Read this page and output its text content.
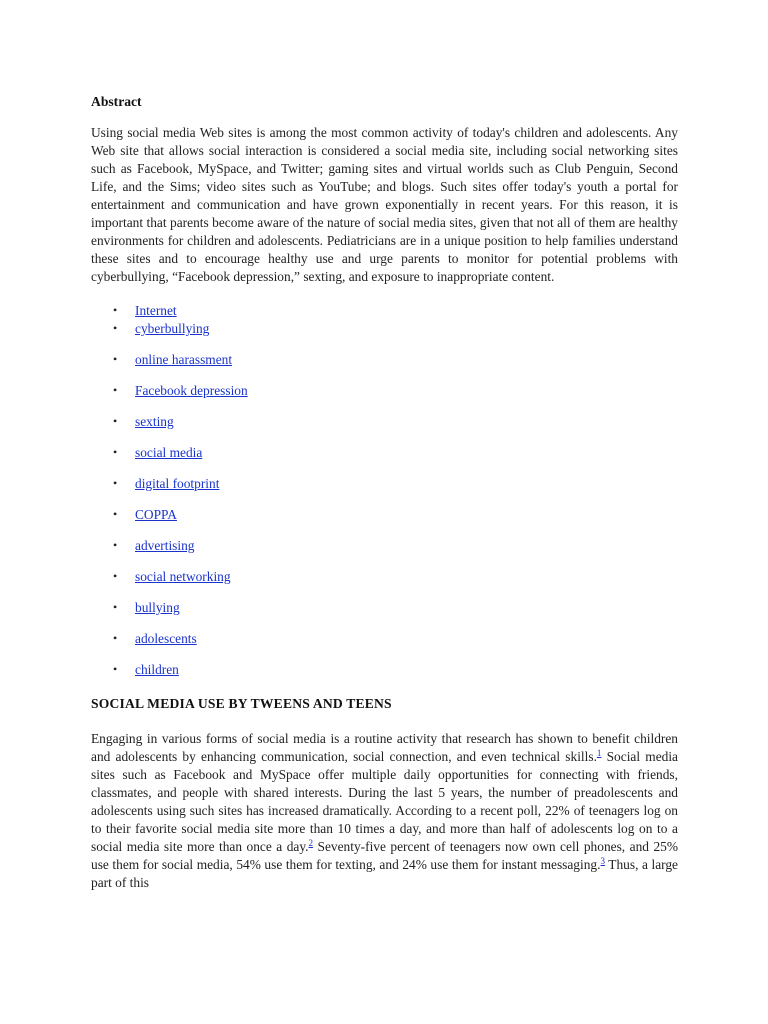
Abstract

Using social media Web sites is among the most common activity of today's children and adolescents. Any Web site that allows social interaction is considered a social media site, including social networking sites such as Facebook, MySpace, and Twitter; gaming sites and virtual worlds such as Club Penguin, Second Life, and the Sims; video sites such as YouTube; and blogs. Such sites offer today's youth a portal for entertainment and communication and have grown exponentially in recent years. For this reason, it is important that parents become aware of the nature of social media sites, given that not all of them are healthy environments for children and adolescents. Pediatricians are in a unique position to help families understand these sites and to encourage healthy use and urge parents to monitor for potential problems with cyberbullying, “Facebook depression,” sexting, and exposure to inappropriate content.

• Internet
• cyberbullying
• online harassment
• Facebook depression
• sexting
• social media
• digital footprint
• COPPA
• advertising
• social networking
• bullying
• adolescents
• children
SOCIAL MEDIA USE BY TWEENS AND TEENS

Engaging in various forms of social media is a routine activity that research has shown to benefit children and adolescents by enhancing communication, social connection, and even technical skills.$^1$ Social media sites such as Facebook and MySpace offer multiple daily opportunities for connecting with friends, classmates, and people with shared interests. During the last 5 years, the number of preadolescents and adolescents using such sites has increased dramatically. According to a recent poll, 22% of teenagers log on to their favorite social media site more than 10 times a day, and more than half of adolescents log on to a social media site more than once a day.$^2$ Seventy-five percent of teenagers now own cell phones, and 25% use them for social media, 54% use them for texting, and 24% use them for instant messaging.$^3$ Thus, a large part of this
